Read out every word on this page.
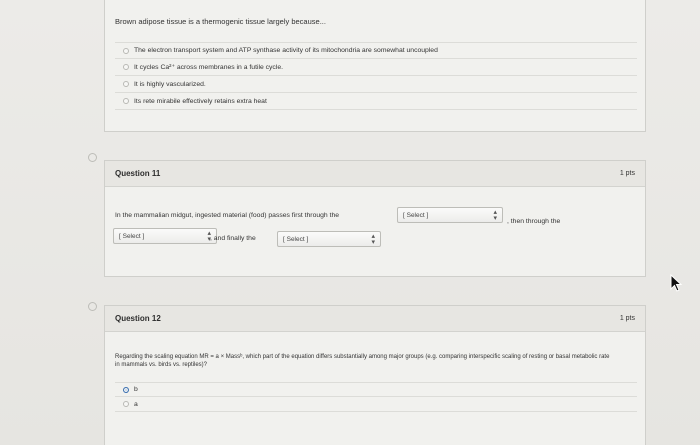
Brown adipose tissue is a thermogenic tissue largely because...
The electron transport system and ATP synthase activity of its mitochondria are somewhat uncoupled
It cycles Ca²⁺ across membranes in a futile cycle.
It is highly vascularized.
Its rete mirabile effectively retains extra heat
Question 11	1 pts
In the mammalian midgut, ingested material (food) passes first through the	[ Select ]	▴
▾ , then through the
[ Select ]	▴
▾ , and finally the	[ Select ]	▴
▾
Question 12	1 pts
Regarding the scaling equation MR = a × Massᵇ, which part of the equation differs substantially among major groups (e.g. comparing interspecific scaling of resting or basal metabolic rate in mammals vs. birds vs. reptiles)?
b
a
